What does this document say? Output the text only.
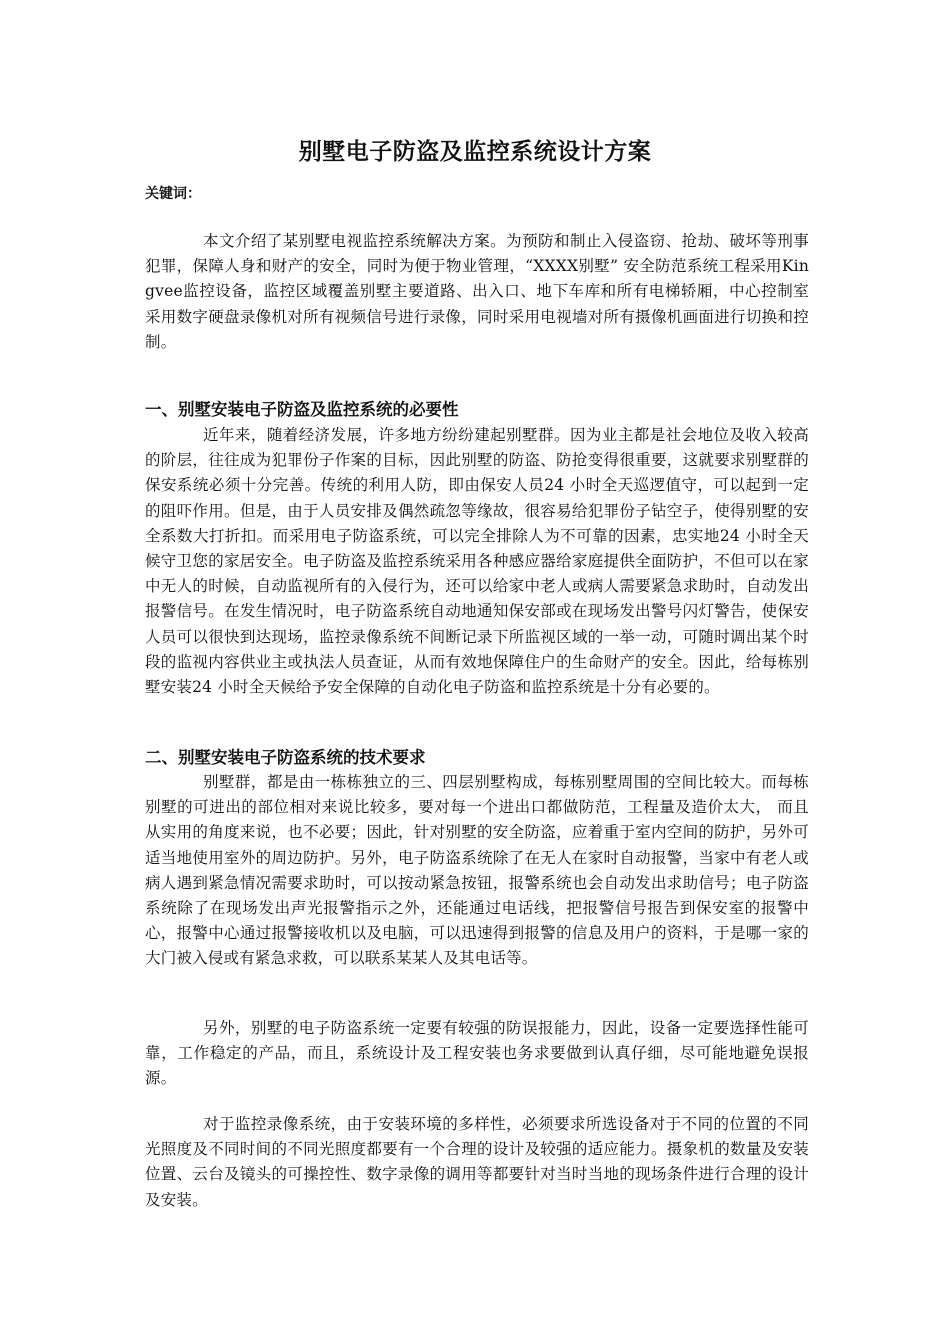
别墅电子防盗及监控系统设计方案

关键词：

本文介绍了某别墅电视监控系统解决方案。为预防和制止入侵盗窃、抢劫、破坏等刑事犯罪，保障人身和财产的安全，同时为便于物业管理，“XXXX别墅” 安全防范系统工程采用Kingvee监控设备，监控区域覆盖别墅主要道路、出入口、地下车库和所有电梯轿厢，中心控制室采用数字硬盘录像机对所有视频信号进行录像，同时采用电视墙对所有摄像机画面进行切换和控制。

一、别墅安装电子防盗及监控系统的必要性

近年来，随着经济发展，许多地方纷纷建起别墅群。因为业主都是社会地位及收入较高的阶层，往往成为犯罪份子作案的目标，因此别墅的防盗、防抢变得很重要，这就要求别墅群的保安系统必须十分完善。传统的利用人防，即由保安人员24 小时全天巡逻值守，可以起到一定的阻吓作用。但是，由于人员安排及偶然疏忽等缘故，很容易给犯罪份子钻空子，使得别墅的安全系数大打折扣。而采用电子防盗系统，可以完全排除人为不可靠的因素，忠实地24 小时全天候守卫您的家居安全。电子防盗及监控系统采用各种感应器给家庭提供全面防护，不但可以在家中无人的时候，自动监视所有的入侵行为，还可以给家中老人或病人需要紧急求助时，自动发出报警信号。在发生情况时，电子防盗系统自动地通知保安部或在现场发出警号闪灯警告，使保安人员可以很快到达现场，监控录像系统不间断记录下所监视区域的一举一动，可随时调出某个时段的监视内容供业主或执法人员查证，从而有效地保障住户的生命财产的安全。因此，给每栋别墅安装24 小时全天候给予安全保障的自动化电子防盗和监控系统是十分有必要的。

二、别墅安装电子防盗系统的技术要求

别墅群，都是由一栋栋独立的三、四层别墅构成，每栋别墅周围的空间比较大。而每栋别墅的可进出的部位相对来说比较多，要对每一个进出口都做防范，工程量及造价太大， 而且从实用的角度来说，也不必要；因此，针对别墅的安全防盗，应着重于室内空间的防护，另外可适当地使用室外的周边防护。另外，电子防盗系统除了在无人在家时自动报警，当家中有老人或病人遇到紧急情况需要求助时，可以按动紧急按钮，报警系统也会自动发出求助信号；电子防盗系统除了在现场发出声光报警指示之外，还能通过电话线，把报警信号报告到保安室的报警中心，报警中心通过报警接收机以及电脑，可以迅速得到报警的信息及用户的资料，于是哪一家的大门被入侵或有紧急求救，可以联系某某人及其电话等。

另外，别墅的电子防盗系统一定要有较强的防误报能力，因此，设备一定要选择性能可靠，工作稳定的产品，而且，系统设计及工程安装也务求要做到认真仔细，尽可能地避免误报源。

对于监控录像系统，由于安装环境的多样性，必须要求所选设备对于不同的位置的不同光照度及不同时间的不同光照度都要有一个合理的设计及较强的适应能力。摄象机的数量及安装位置、云台及镜头的可操控性、数字录像的调用等都要针对当时当地的现场条件进行合理的设计及安装。
